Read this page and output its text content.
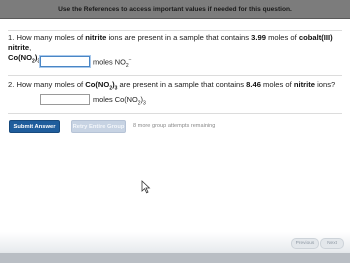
Use the References to access important values if needed for this question.
1. How many moles of nitrite ions are present in a sample that contains 3.99 moles of cobalt(III) nitrite,
$Co(NO_2)_3$	moles $NO_2^-$
2. How many moles of $Co(NO_2)_3$ are present in a sample that contains 8.46 moles of nitrite ions?
moles $Co(NO_2)_3$
Submit Answer	Retry Entire Group 8 more group attempts remaining
Previous	Next
